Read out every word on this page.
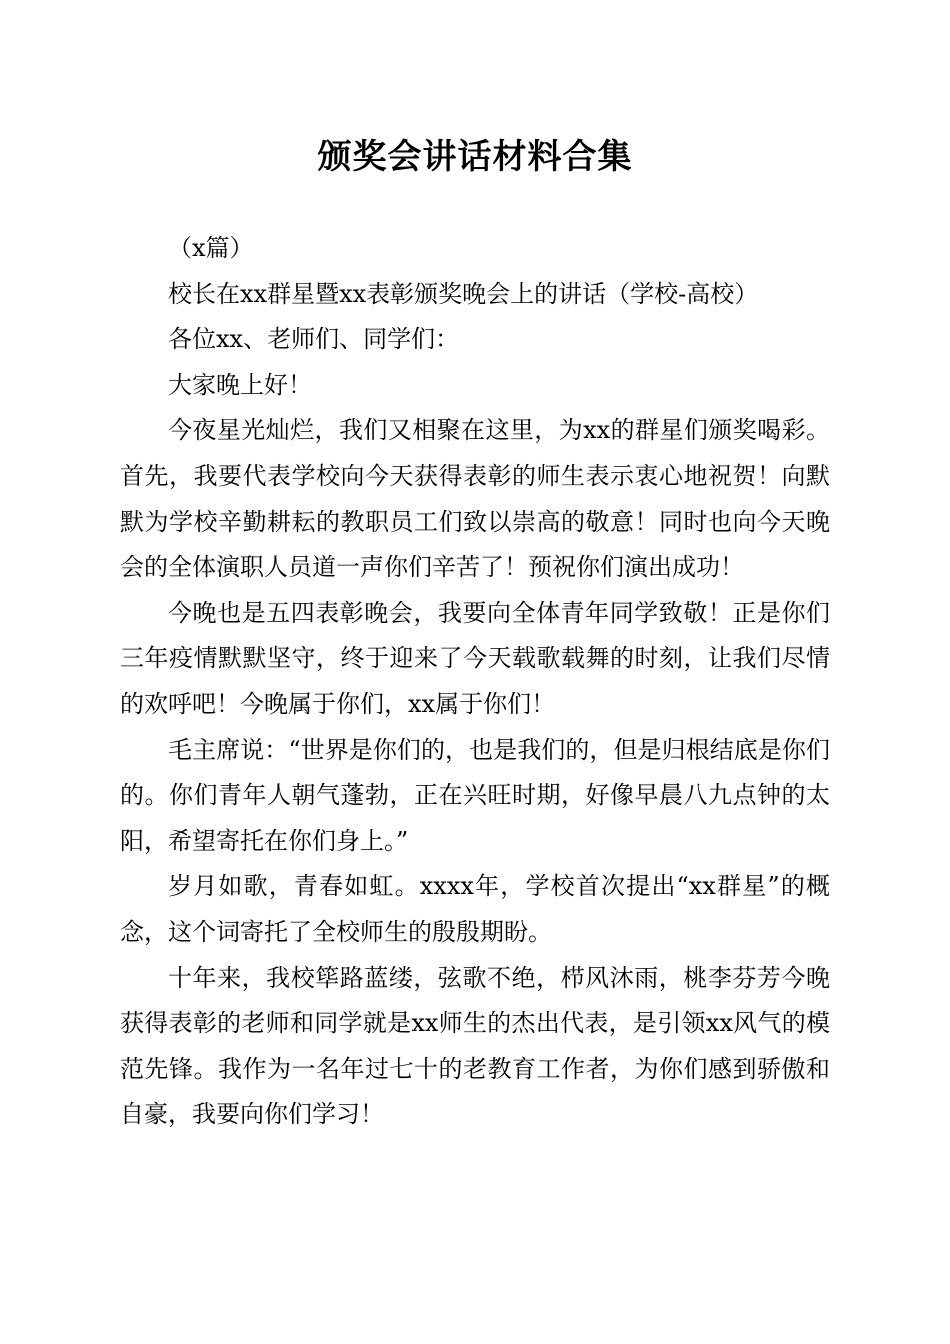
颁奖会讲话材料合集

（x篇）

校长在xx群星暨xx表彰颁奖晚会上的讲话（学校-高校）

各位xx、老师们、同学们：

大家晚上好！

今夜星光灿烂，我们又相聚在这里，为xx的群星们颁奖喝彩。首先，我要代表学校向今天获得表彰的师生表示衷心地祝贺！向默默为学校辛勤耕耘的教职员工们致以崇高的敬意！同时也向今天晚会的全体演职人员道一声你们辛苦了！预祝你们演出成功！

今晚也是五四表彰晚会，我要向全体青年同学致敬！正是你们三年疫情默默坚守，终于迎来了今天载歌载舞的时刻，让我们尽情的欢呼吧！今晚属于你们，xx属于你们！

毛主席说：“世界是你们的，也是我们的，但是归根结底是你们的。你们青年人朝气蓬勃，正在兴旺时期，好像早晨八九点钟的太阳，希望寄托在你们身上。”

岁月如歌，青春如虹。xxxx年，学校首次提出“xx群星”的概念，这个词寄托了全校师生的殷殷期盼。

十年来，我校筚路蓝缕，弦歌不绝，栉风沐雨，桃李芬芳今晚获得表彰的老师和同学就是xx师生的杰出代表，是引领xx风气的模范先锋。我作为一名年过七十的老教育工作者，为你们感到骄傲和自豪，我要向你们学习！
